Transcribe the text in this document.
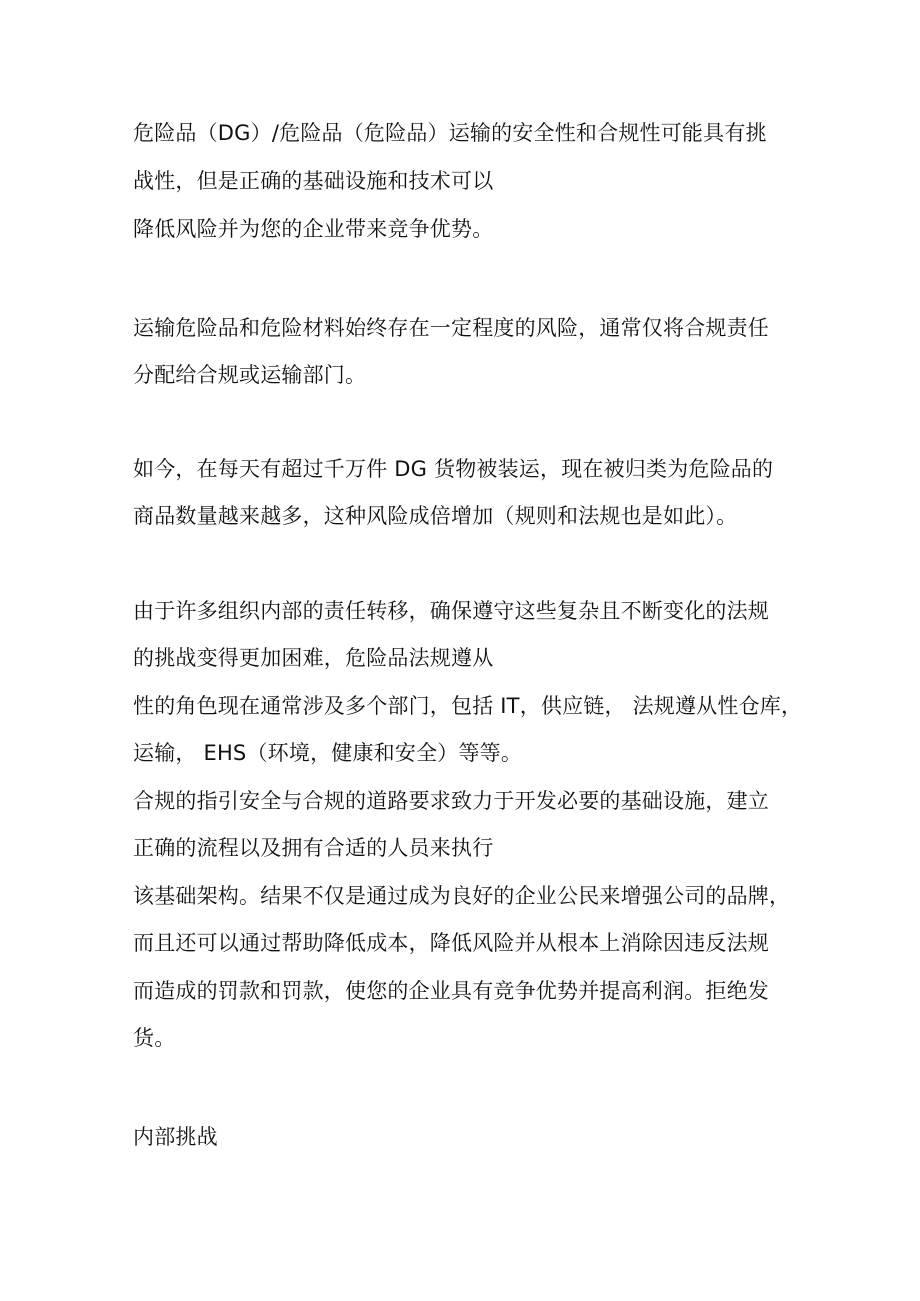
危险品（DG）/危险品（危险品）运输的安全性和合规性可能具有挑
战性，但是正确的基础设施和技术可以
降低风险并为您的企业带来竞争优势。
运输危险品和危险材料始终存在一定程度的风险，通常仅将合规责任
分配给合规或运输部门。
如今，在每天有超过千万件 DG 货物被装运，现在被归类为危险品的
商品数量越来越多，这种风险成倍增加（规则和法规也是如此）。
由于许多组织内部的责任转移，确保遵守这些复杂且不断变化的法规
的挑战变得更加困难，危险品法规遵从
性的角色现在通常涉及多个部门，包括 IT，供应链， 法规遵从性仓库，
运输， EHS（环境，健康和安全）等等。
合规的指引安全与合规的道路要求致力于开发必要的基础设施，建立
正确的流程以及拥有合适的人员来执行
该基础架构。结果不仅是通过成为良好的企业公民来增强公司的品牌，
而且还可以通过帮助降低成本，降低风险并从根本上消除因违反法规
而造成的罚款和罚款，使您的企业具有竞争优势并提高利润。拒绝发
货。
内部挑战
